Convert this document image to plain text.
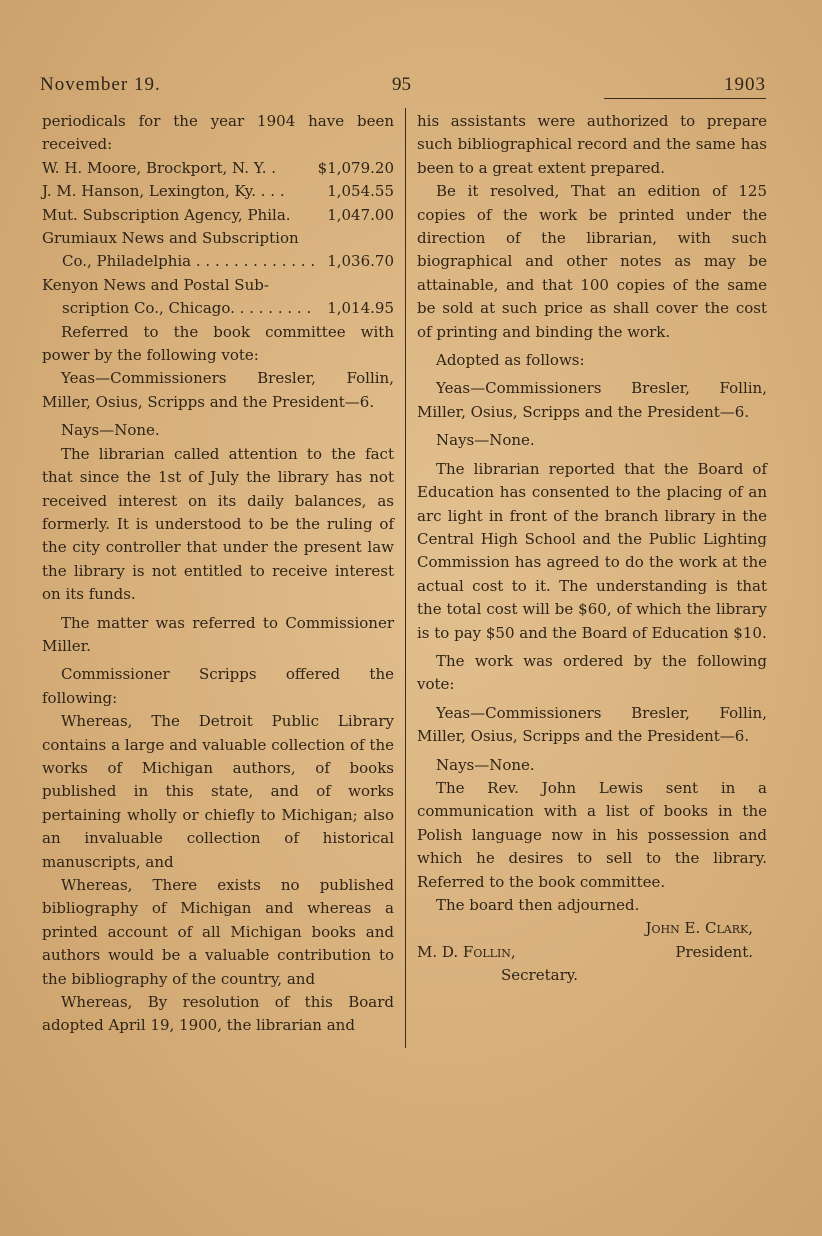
November 19.	95	1903

periodicals for the year 1904 have been received:

W. H. Moore, Brockport, N. Y. .	$1,079.20
J. M. Hanson, Lexington, Ky. . . .	1,054.55
Mut. Subscription Agency, Phila.	1,047.00
Grumiaux News and Subscription
Co., Philadelphia . . . . . . . . . . . . . 1,036.70
Kenyon News and Postal Sub-
scription Co., Chicago. . . . . . . . .	1,014.95

Referred to the book committee with power by the following vote:

Yeas—Commissioners Bresler, Follin, Miller, Osius, Scripps and the President—6.

Nays—None.

The librarian called attention to the fact that since the 1st of July the library has not received interest on its daily balances, as formerly. It is understood to be the ruling of the city controller that under the present law the library is not entitled to receive interest on its funds.

The matter was referred to Commissioner Miller.

Commissioner Scripps offered the following:

Whereas, The Detroit Public Library contains a large and valuable collection of the works of Michigan authors, of books published in this state, and of works pertaining wholly or chiefly to Michigan; also an invaluable collection of historical manuscripts, and

Whereas, There exists no published bibliography of Michigan and whereas a printed account of all Michigan books and authors would be a valuable contribution to the bibliography of the country, and

Whereas, By resolution of this Board adopted April 19, 1900, the librarian and

his assistants were authorized to prepare such bibliographical record and the same has been to a great extent prepared.

Be it resolved, That an edition of 125 copies of the work be printed under the direction of the librarian, with such biographical and other notes as may be attainable, and that 100 copies of the same be sold at such price as shall cover the cost of printing and binding the work.

Adopted as follows:

Yeas—Commissioners Bresler, Follin, Miller, Osius, Scripps and the President—6.

Nays—None.

The librarian reported that the Board of Education has consented to the placing of an arc light in front of the branch library in the Central High School and the Public Lighting Commission has agreed to do the work at the actual cost to it. The understanding is that the total cost will be $60, of which the library is to pay $50 and the Board of Education $10.

The work was ordered by the following vote:

Yeas—Commissioners Bresler, Follin, Miller, Osius, Scripps and the President—6.

Nays—None.

The Rev. John Lewis sent in a communication with a list of books in the Polish language now in his possession and which he desires to sell to the library. Referred to the book committee.

The board then adjourned.

John E. Clark,
M. D. Follin,	President.
Secretary.
